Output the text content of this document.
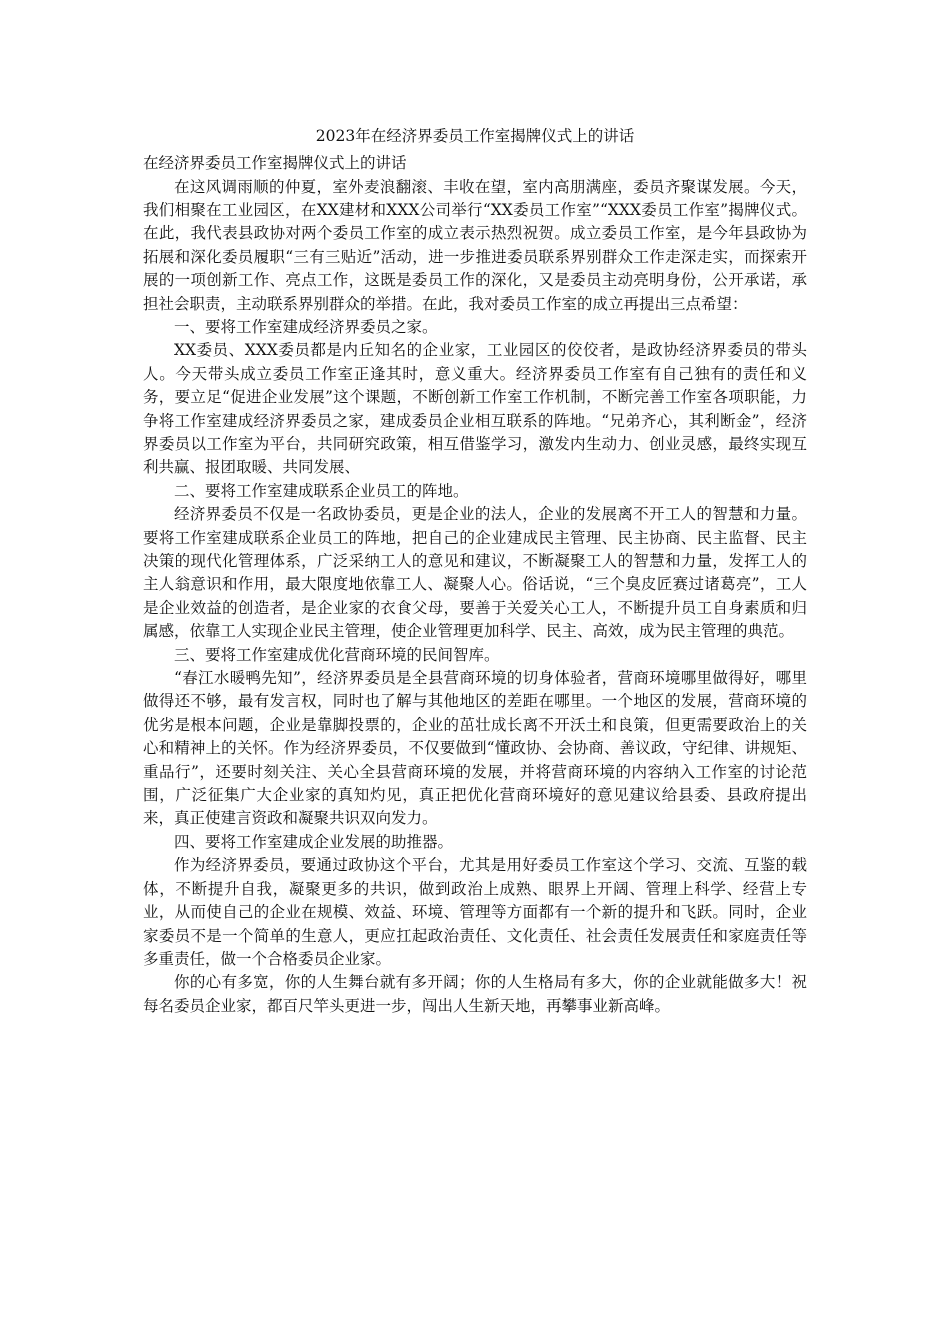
2023年在经济界委员工作室揭牌仪式上的讲话

在经济界委员工作室揭牌仪式上的讲话

在这风调雨顺的仲夏，室外麦浪翻滚、丰收在望，室内高朋满座，委员齐聚谋发展。今天，我们相聚在工业园区，在XX建材和XXX公司举行“XX委员工作室”“XXX委员工作室”揭牌仪式。在此，我代表县政协对两个委员工作室的成立表示热烈祝贺。成立委员工作室，是今年县政协为拓展和深化委员履职“三有三贴近”活动，进一步推进委员联系界别群众工作走深走实，而探索开展的一项创新工作、亮点工作，这既是委员工作的深化，又是委员主动亮明身份，公开承诺，承担社会职责，主动联系界别群众的举措。在此，我对委员工作室的成立再提出三点希望：

一、要将工作室建成经济界委员之家。

XX委员、XXX委员都是内丘知名的企业家，工业园区的佼佼者，是政协经济界委员的带头人。今天带头成立委员工作室正逢其时，意义重大。经济界委员工作室有自己独有的责任和义务，要立足“促进企业发展”这个课题，不断创新工作室工作机制，不断完善工作室各项职能，力争将工作室建成经济界委员之家，建成委员企业相互联系的阵地。“兄弟齐心，其利断金”，经济界委员以工作室为平台，共同研究政策，相互借鉴学习，激发内生动力、创业灵感，最终实现互利共赢、报团取暖、共同发展、

二、要将工作室建成联系企业员工的阵地。

经济界委员不仅是一名政协委员，更是企业的法人，企业的发展离不开工人的智慧和力量。要将工作室建成联系企业员工的阵地，把自己的企业建成民主管理、民主协商、民主监督、民主决策的现代化管理体系，广泛采纳工人的意见和建议，不断凝聚工人的智慧和力量，发挥工人的主人翁意识和作用，最大限度地依靠工人、凝聚人心。俗话说，“三个臭皮匠赛过诸葛亮”，工人是企业效益的创造者，是企业家的衣食父母，要善于关爱关心工人，不断提升员工自身素质和归属感，依靠工人实现企业民主管理，使企业管理更加科学、民主、高效，成为民主管理的典范。

三、要将工作室建成优化营商环境的民间智库。

“春江水暖鸭先知”，经济界委员是全县营商环境的切身体验者，营商环境哪里做得好，哪里做得还不够，最有发言权，同时也了解与其他地区的差距在哪里。一个地区的发展，营商环境的优劣是根本问题，企业是靠脚投票的，企业的茁壮成长离不开沃土和良策，但更需要政治上的关心和精神上的关怀。作为经济界委员，不仅要做到“懂政协、会协商、善议政，守纪律、讲规矩、重品行”，还要时刻关注、关心全县营商环境的发展，并将营商环境的内容纳入工作室的讨论范围，广泛征集广大企业家的真知灼见，真正把优化营商环境好的意见建议给县委、县政府提出来，真正使建言资政和凝聚共识双向发力。

四、要将工作室建成企业发展的助推器。

作为经济界委员，要通过政协这个平台，尤其是用好委员工作室这个学习、交流、互鉴的载体，不断提升自我，凝聚更多的共识，做到政治上成熟、眼界上开阔、管理上科学、经营上专业，从而使自己的企业在规模、效益、环境、管理等方面都有一个新的提升和飞跃。同时，企业家委员不是一个简单的生意人，更应扛起政治责任、文化责任、社会责任发展责任和家庭责任等多重责任，做一个合格委员企业家。

你的心有多宽，你的人生舞台就有多开阔；你的人生格局有多大，你的企业就能做多大！祝每名委员企业家，都百尺竿头更进一步，闯出人生新天地，再攀事业新高峰。
